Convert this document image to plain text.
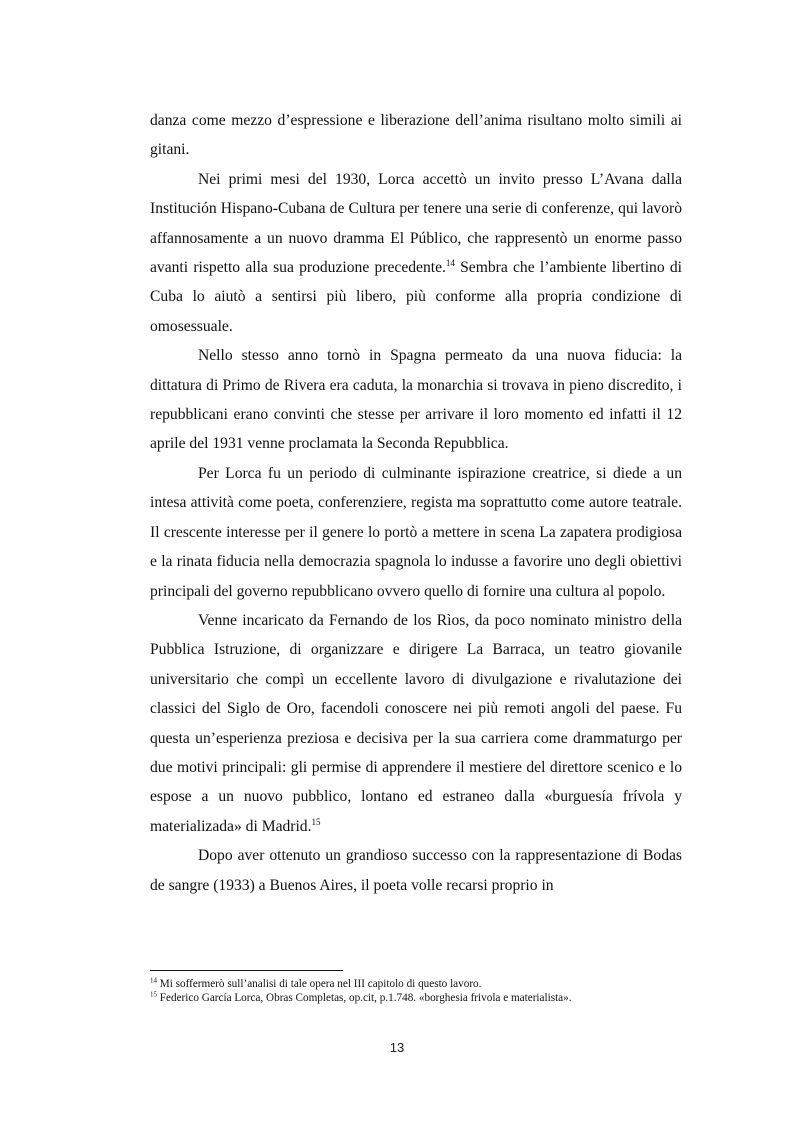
danza come mezzo d’espressione e liberazione dell’anima risultano molto simili ai gitani.

Nei primi mesi del 1930, Lorca accettò un invito presso L’Avana dalla Institución Hispano-Cubana de Cultura per tenere una serie di conferenze, qui lavorò affannosamente a un nuovo dramma El Público, che rappresentò un enorme passo avanti rispetto alla sua produzione precedente.$^{14}$ Sembra che l’ambiente libertino di Cuba lo aiutò a sentirsi più libero, più conforme alla propria condizione di omosessuale.

Nello stesso anno tornò in Spagna permeato da una nuova fiducia: la dittatura di Primo de Rivera era caduta, la monarchia si trovava in pieno discredito, i repubblicani erano convinti che stesse per arrivare il loro momento ed infatti il 12 aprile del 1931 venne proclamata la Seconda Repubblica.

Per Lorca fu un periodo di culminante ispirazione creatrice, si diede a un intesa attività come poeta, conferenziere, regista ma soprattutto come autore teatrale. Il crescente interesse per il genere lo portò a mettere in scena La zapatera prodigiosa e la rinata fiducia nella democrazia spagnola lo indusse a favorire uno degli obiettivi principali del governo repubblicano ovvero quello di fornire una cultura al popolo.

Venne incaricato da Fernando de los Rìos, da poco nominato ministro della Pubblica Istruzione, di organizzare e dirigere La Barraca, un teatro giovanile universitario che compì un eccellente lavoro di divulgazione e rivalutazione dei classici del Siglo de Oro, facendoli conoscere nei più remoti angoli del paese. Fu questa un’esperienza preziosa e decisiva per la sua carriera come drammaturgo per due motivi principali: gli permise di apprendere il mestiere del direttore scenico e lo espose a un nuovo pubblico, lontano ed estraneo dalla «burguesía frívola y materializada» di Madrid.$^{15}$

Dopo aver ottenuto un grandioso successo con la rappresentazione di Bodas de sangre (1933) a Buenos Aires, il poeta volle recarsi proprio in

$^{14}$ Mi soffermerò sull’analisi di tale opera nel III capitolo di questo lavoro.

$^{15}$ Federico García Lorca, Obras Completas, op.cit, p.1.748. «borghesia frivola e materialista».

13
